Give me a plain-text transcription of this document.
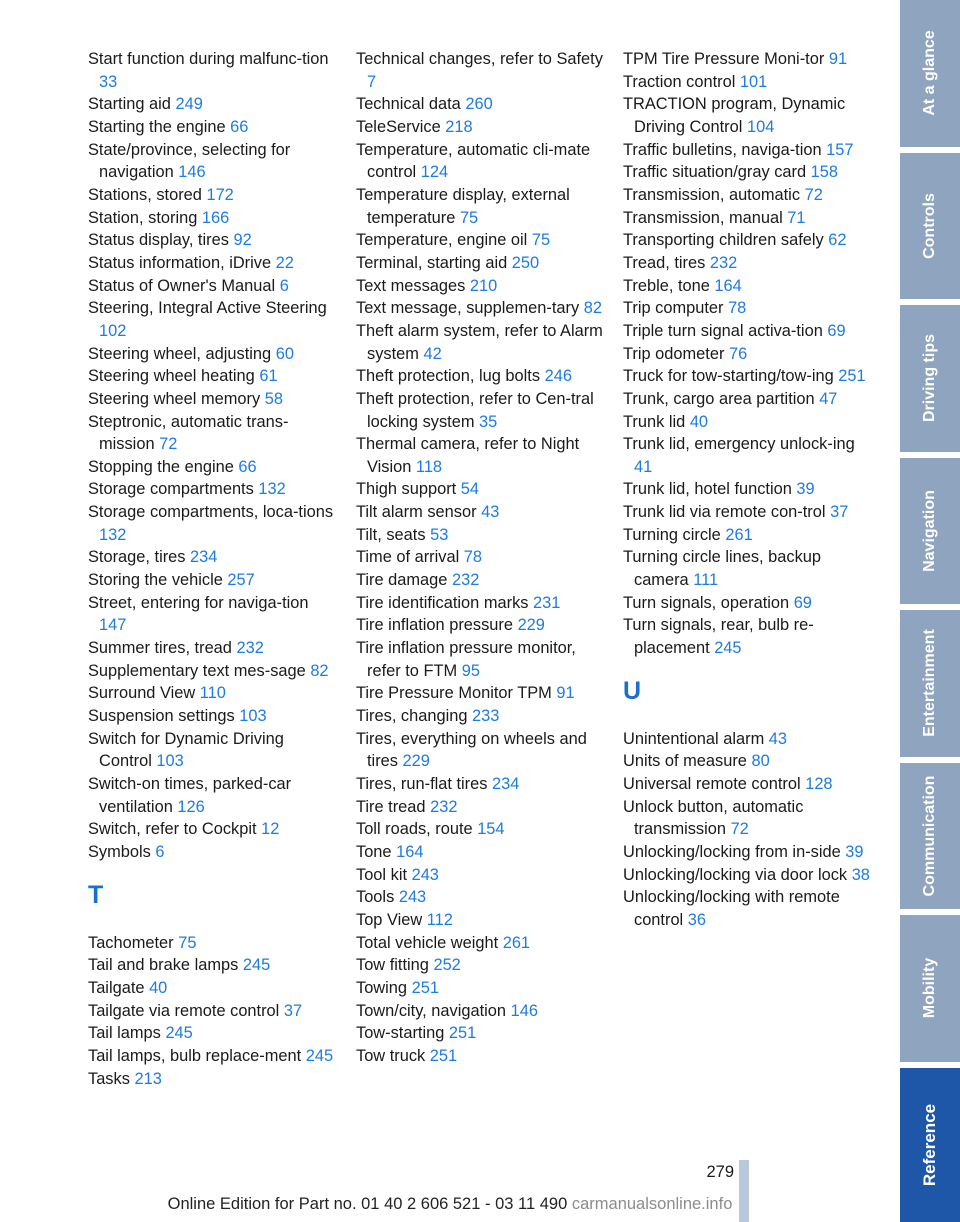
Start function during malfunc-tion 33

Starting aid 249

Starting the engine 66

State/province, selecting for navigation 146

Stations, stored 172

Station, storing 166

Status display, tires 92

Status information, iDrive 22

Status of Owner's Manual 6

Steering, Integral Active Steering 102

Steering wheel, adjusting 60

Steering wheel heating 61

Steering wheel memory 58

Steptronic, automatic trans-mission 72

Stopping the engine 66

Storage compartments 132

Storage compartments, loca-tions 132

Storage, tires 234

Storing the vehicle 257

Street, entering for naviga-tion 147

Summer tires, tread 232

Supplementary text mes-sage 82

Surround View 110

Suspension settings 103

Switch for Dynamic Driving Control 103

Switch-on times, parked-car ventilation 126

Switch, refer to Cockpit 12

Symbols 6

T

Tachometer 75

Tail and brake lamps 245

Tailgate 40

Tailgate via remote control 37

Tail lamps 245

Tail lamps, bulb replace-ment 245

Tasks 213

Technical changes, refer to Safety 7

Technical data 260

TeleService 218

Temperature, automatic cli-mate control 124

Temperature display, external temperature 75

Temperature, engine oil 75

Terminal, starting aid 250

Text messages 210

Text message, supplemen-tary 82

Theft alarm system, refer to Alarm system 42

Theft protection, lug bolts 246

Theft protection, refer to Cen-tral locking system 35

Thermal camera, refer to Night Vision 118

Thigh support 54

Tilt alarm sensor 43

Tilt, seats 53

Time of arrival 78

Tire damage 232

Tire identification marks 231

Tire inflation pressure 229

Tire inflation pressure monitor, refer to FTM 95

Tire Pressure Monitor TPM 91

Tires, changing 233

Tires, everything on wheels and tires 229

Tires, run-flat tires 234

Tire tread 232

Toll roads, route 154

Tone 164

Tool kit 243

Tools 243

Top View 112

Total vehicle weight 261

Tow fitting 252

Towing 251

Town/city, navigation 146

Tow-starting 251

Tow truck 251

TPM Tire Pressure Moni-tor 91

Traction control 101

TRACTION program, Dynamic Driving Control 104

Traffic bulletins, naviga-tion 157

Traffic situation/gray card 158

Transmission, automatic 72

Transmission, manual 71

Transporting children safely 62

Tread, tires 232

Treble, tone 164

Trip computer 78

Triple turn signal activa-tion 69

Trip odometer 76

Truck for tow-starting/tow-ing 251

Trunk, cargo area partition 47

Trunk lid 40

Trunk lid, emergency unlock-ing 41

Trunk lid, hotel function 39

Trunk lid via remote con-trol 37

Turning circle 261

Turning circle lines, backup camera 111

Turn signals, operation 69

Turn signals, rear, bulb re-placement 245

U

Unintentional alarm 43

Units of measure 80

Universal remote control 128

Unlock button, automatic transmission 72

Unlocking/locking from in-side 39

Unlocking/locking via door lock 38

Unlocking/locking with remote control 36

At a glance
Controls
Driving tips
Navigation
Entertainment
Communication
Mobility
Reference
279
Online Edition for Part no. 01 40 2 606 521 - 03 11 490 carmanualsonline.info
